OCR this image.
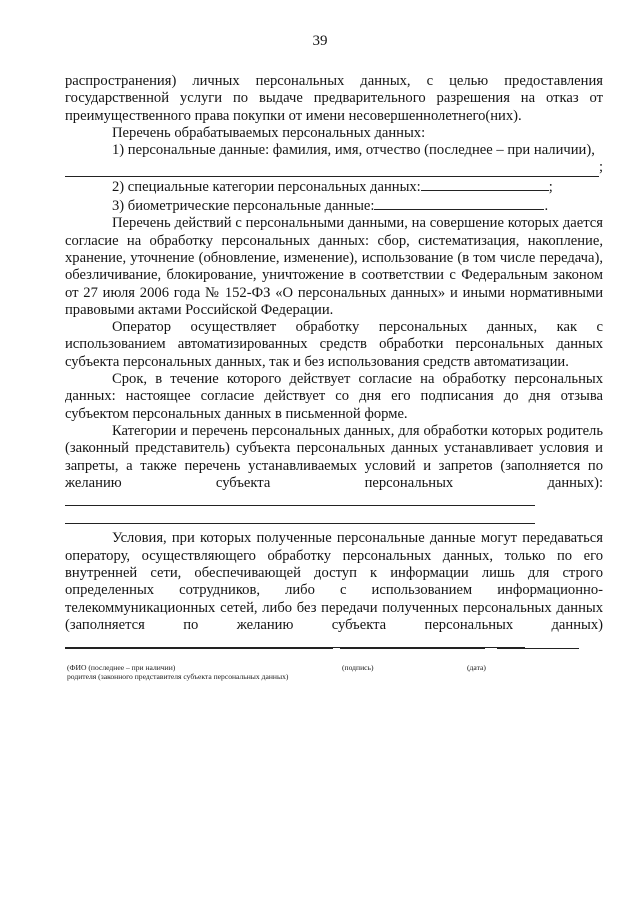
39

распространения) личных персональных данных, с целью предоставления государственной услуги по выдаче предварительного разрешения на отказ от преимущественного права покупки от имени несовершеннолетнего(них).

Перечень обрабатываемых персональных данных:

1) персональные данные: фамилия, имя, отчество (последнее – при наличии),

;

2) специальные категории персональных данных:	;

3) биометрические персональные данные:	.

Перечень действий с персональными данными, на совершение которых дается согласие на обработку персональных данных: сбор, систематизация, накопление, хранение, уточнение (обновление, изменение), использование (в том числе передача), обезличивание, блокирование, уничтожение в соответствии с Федеральным законом от 27 июля 2006 года № 152-ФЗ «О персональных данных» и иными нормативными правовыми актами Российской Федерации.

Оператор осуществляет обработку персональных данных, как с использованием автоматизированных средств обработки персональных данных субъекта персональных данных, так и без использования средств автоматизации.

Срок, в течение которого действует согласие на обработку персональных данных: настоящее согласие действует со дня его подписания до дня отзыва субъектом персональных данных в письменной форме.

Категории и перечень персональных данных, для обработки которых родитель (законный представитель) субъекта персональных данных устанавливает условия и запреты, а также перечень устанавливаемых условий и запретов (заполняется по желанию субъекта персональных данных):

Условия, при которых полученные персональные данные могут передаваться оператору, осуществляющего обработку персональных данных, только по его внутренней сети, обеспечивающей доступ к информации лишь для строго определенных сотрудников, либо с использованием информационно-телекоммуникационных сетей, либо без передачи полученных персональных данных (заполняется по желанию субъекта персональных данных)

(ФИО (последнее – при наличии)	(подпись)	(дата)
родителя (законного представителя субъекта персональных данных)
